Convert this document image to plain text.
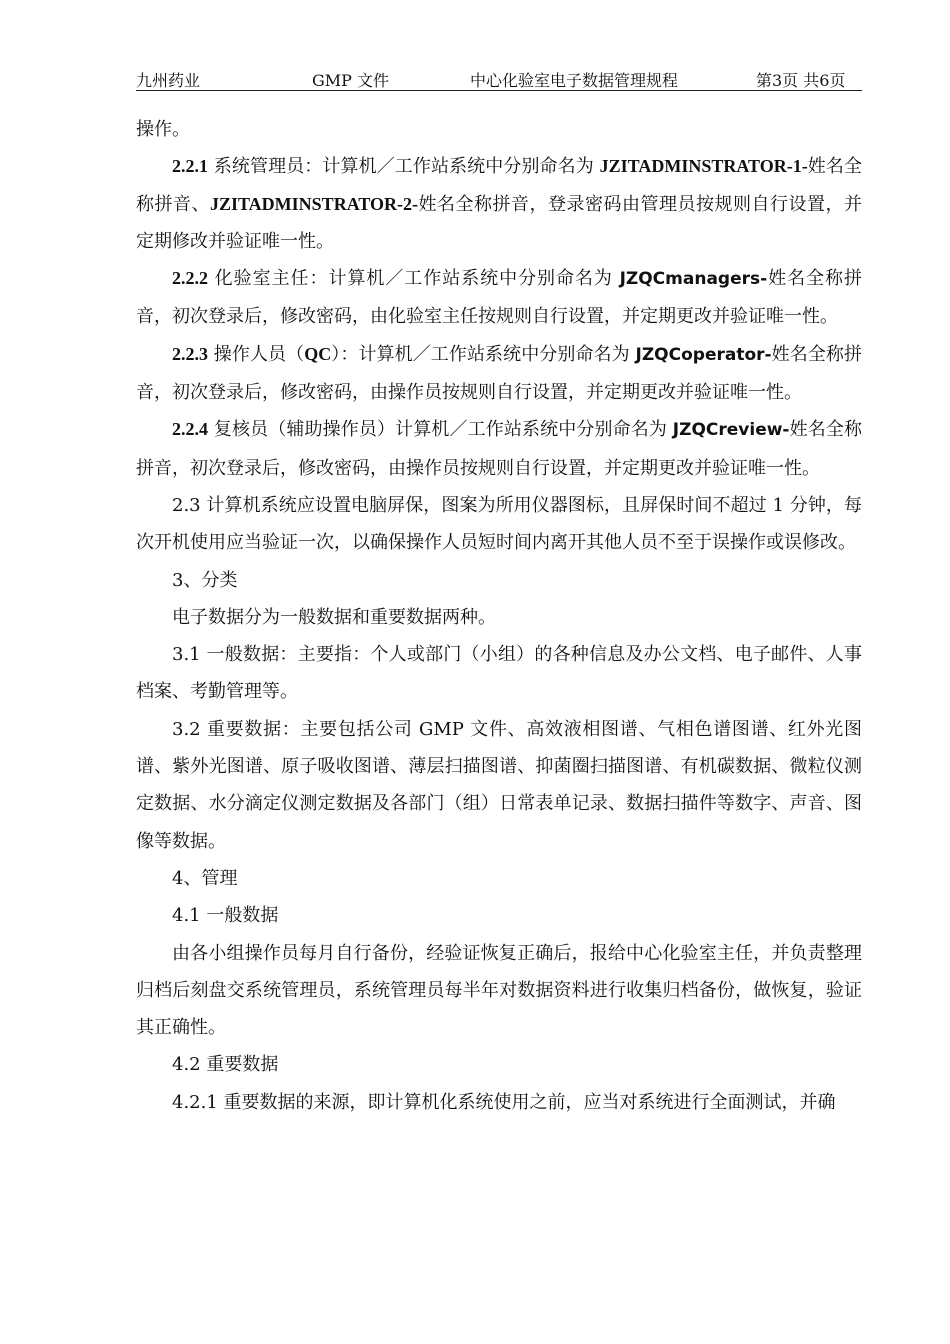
九州药业	GMP 文件	中心化验室电子数据管理规程	第3页 共6页

操作。

2.2.1 系统管理员：计算机／工作站系统中分别命名为 JZITADMINSTRATOR-1-姓名全称拼音、JZITADMINSTRATOR-2-姓名全称拼音，登录密码由管理员按规则自行设置，并定期修改并验证唯一性。

2.2.2 化验室主任：计算机／工作站系统中分别命名为 JZQCmanagers-姓名全称拼音，初次登录后，修改密码，由化验室主任按规则自行设置，并定期更改并验证唯一性。

2.2.3 操作人员（QC）：计算机／工作站系统中分别命名为 JZQCoperator-姓名全称拼音，初次登录后，修改密码，由操作员按规则自行设置，并定期更改并验证唯一性。

2.2.4 复核员（辅助操作员）计算机／工作站系统中分别命名为 JZQCreview-姓名全称拼音，初次登录后，修改密码，由操作员按规则自行设置，并定期更改并验证唯一性。

2.3 计算机系统应设置电脑屏保，图案为所用仪器图标，且屏保时间不超过 1 分钟，每次开机使用应当验证一次，以确保操作人员短时间内离开其他人员不至于误操作或误修改。

3、分类

电子数据分为一般数据和重要数据两种。

3.1 一般数据：主要指：个人或部门（小组）的各种信息及办公文档、电子邮件、人事档案、考勤管理等。

3.2 重要数据：主要包括公司 GMP 文件、高效液相图谱、气相色谱图谱、红外光图谱、紫外光图谱、原子吸收图谱、薄层扫描图谱、抑菌圈扫描图谱、有机碳数据、微粒仪测定数据、水分滴定仪测定数据及各部门（组）日常表单记录、数据扫描件等数字、声音、图像等数据。

4、管理

4.1 一般数据

由各小组操作员每月自行备份，经验证恢复正确后，报给中心化验室主任，并负责整理归档后刻盘交系统管理员，系统管理员每半年对数据资料进行收集归档备份，做恢复，验证其正确性。

4.2 重要数据

4.2.1 重要数据的来源，即计算机化系统使用之前，应当对系统进行全面测试，并确
